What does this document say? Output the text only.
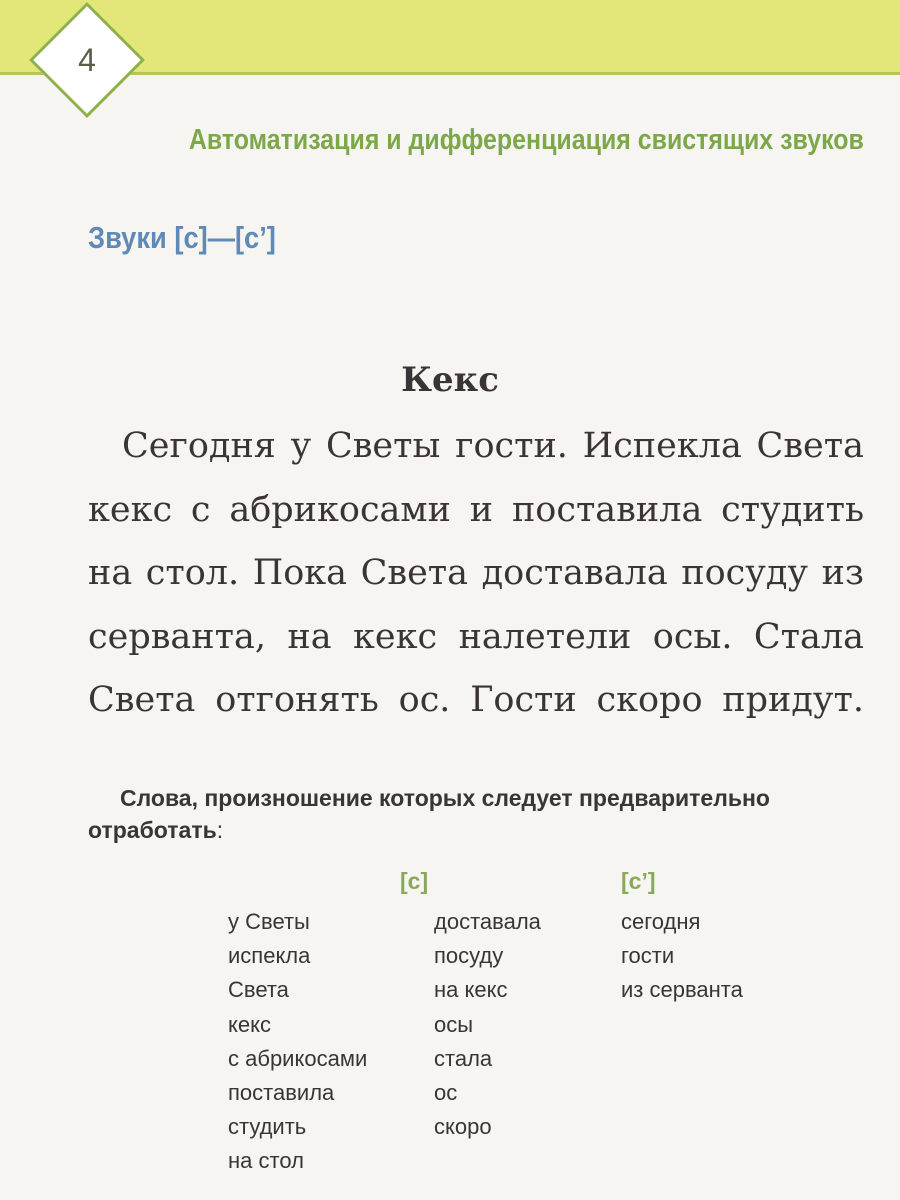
4
Автоматизация и дифференциация свистящих звуков
Звуки [с]—[с’]
Кекс
Сегодня у Светы гости. Испекла Света
кекс с абрикосами и поставила студить
на стол. Пока Света доставала посуду из
серванта, на кекс налетели осы. Стала
Света отгонять ос. Гости скоро придут.
Слова, произношение которых следует предварительно
отработать:
[с]	[с’]
у Светы
испекла
Света
кекс
с абрикосами
поставила
студить
на стол
доставала
посуду
на кекс
осы
стала
ос
скоро
сегодня
гости
из серванта
